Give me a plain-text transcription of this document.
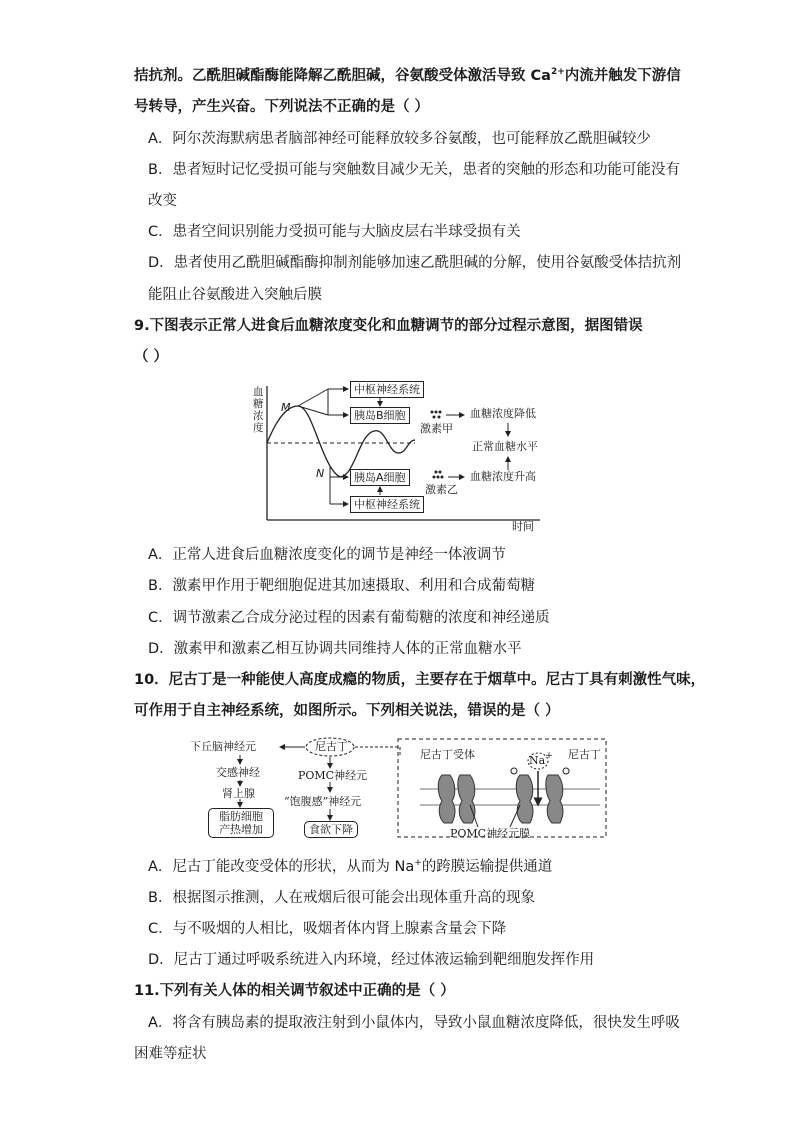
拮抗剂。乙酰胆碱酯酶能降解乙酰胆碱，谷氨酸受体激活导致 $Ca^{2+}$内流并触发下游信
号转导，产生兴奋。下列说法不正确的是（ ）
A．阿尔茨海默病患者脑部神经可能释放较多谷氨酸，也可能释放乙酰胆碱较少
B．患者短时记忆受损可能与突触数目减少无关，患者的突触的形态和功能可能没有
改变
C．患者空间识别能力受损可能与大脑皮层右半球受损有关
D．患者使用乙酰胆碱酯酶抑制剂能够加速乙酰胆碱的分解，使用谷氨酸受体拮抗剂
能阻止谷氨酸进入突触后膜
9.下图表示正常人进食后血糖浓度变化和血糖调节的部分过程示意图，据图错误
（ ）
血糖浓度
时间
M
N
中枢神经系统
胰岛B细胞
胰岛A细胞
中枢神经系统
激素甲
激素乙
血糖浓度降低
正常血糖水平
血糖浓度升高
A．正常人进食后血糖浓度变化的调节是神经一体液调节
B．激素甲作用于靶细胞促进其加速摄取、利用和合成葡萄糖
C．调节激素乙合成分泌过程的因素有葡萄糖的浓度和神经递质
D．激素甲和激素乙相互协调共同维持人体的正常血糖水平
10．尼古丁是一种能使人高度成瘾的物质，主要存在于烟草中。尼古丁具有刺激性气味，
可作用于自主神经系统，如图所示。下列相关说法，错误的是（ ）
下丘脑神经元	尼古丁
交感神经
肾上腺
脂肪细胞
产热增加
POMC神经元
“饱腹感”神经元
食欲下降
尼古丁受体	Na+ 尼古丁
POMC神经元膜
A．尼古丁能改变受体的形状，从而为 Na+的跨膜运输提供通道
B．根据图示推测，人在戒烟后很可能会出现体重升高的现象
C．与不吸烟的人相比，吸烟者体内肾上腺素含量会下降
D．尼古丁通过呼吸系统进入内环境，经过体液运输到靶细胞发挥作用
11.下列有关人体的相关调节叙述中正确的是（ ）
A．将含有胰岛素的提取液注射到小鼠体内，导致小鼠血糖浓度降低，很快发生呼吸
困难等症状
